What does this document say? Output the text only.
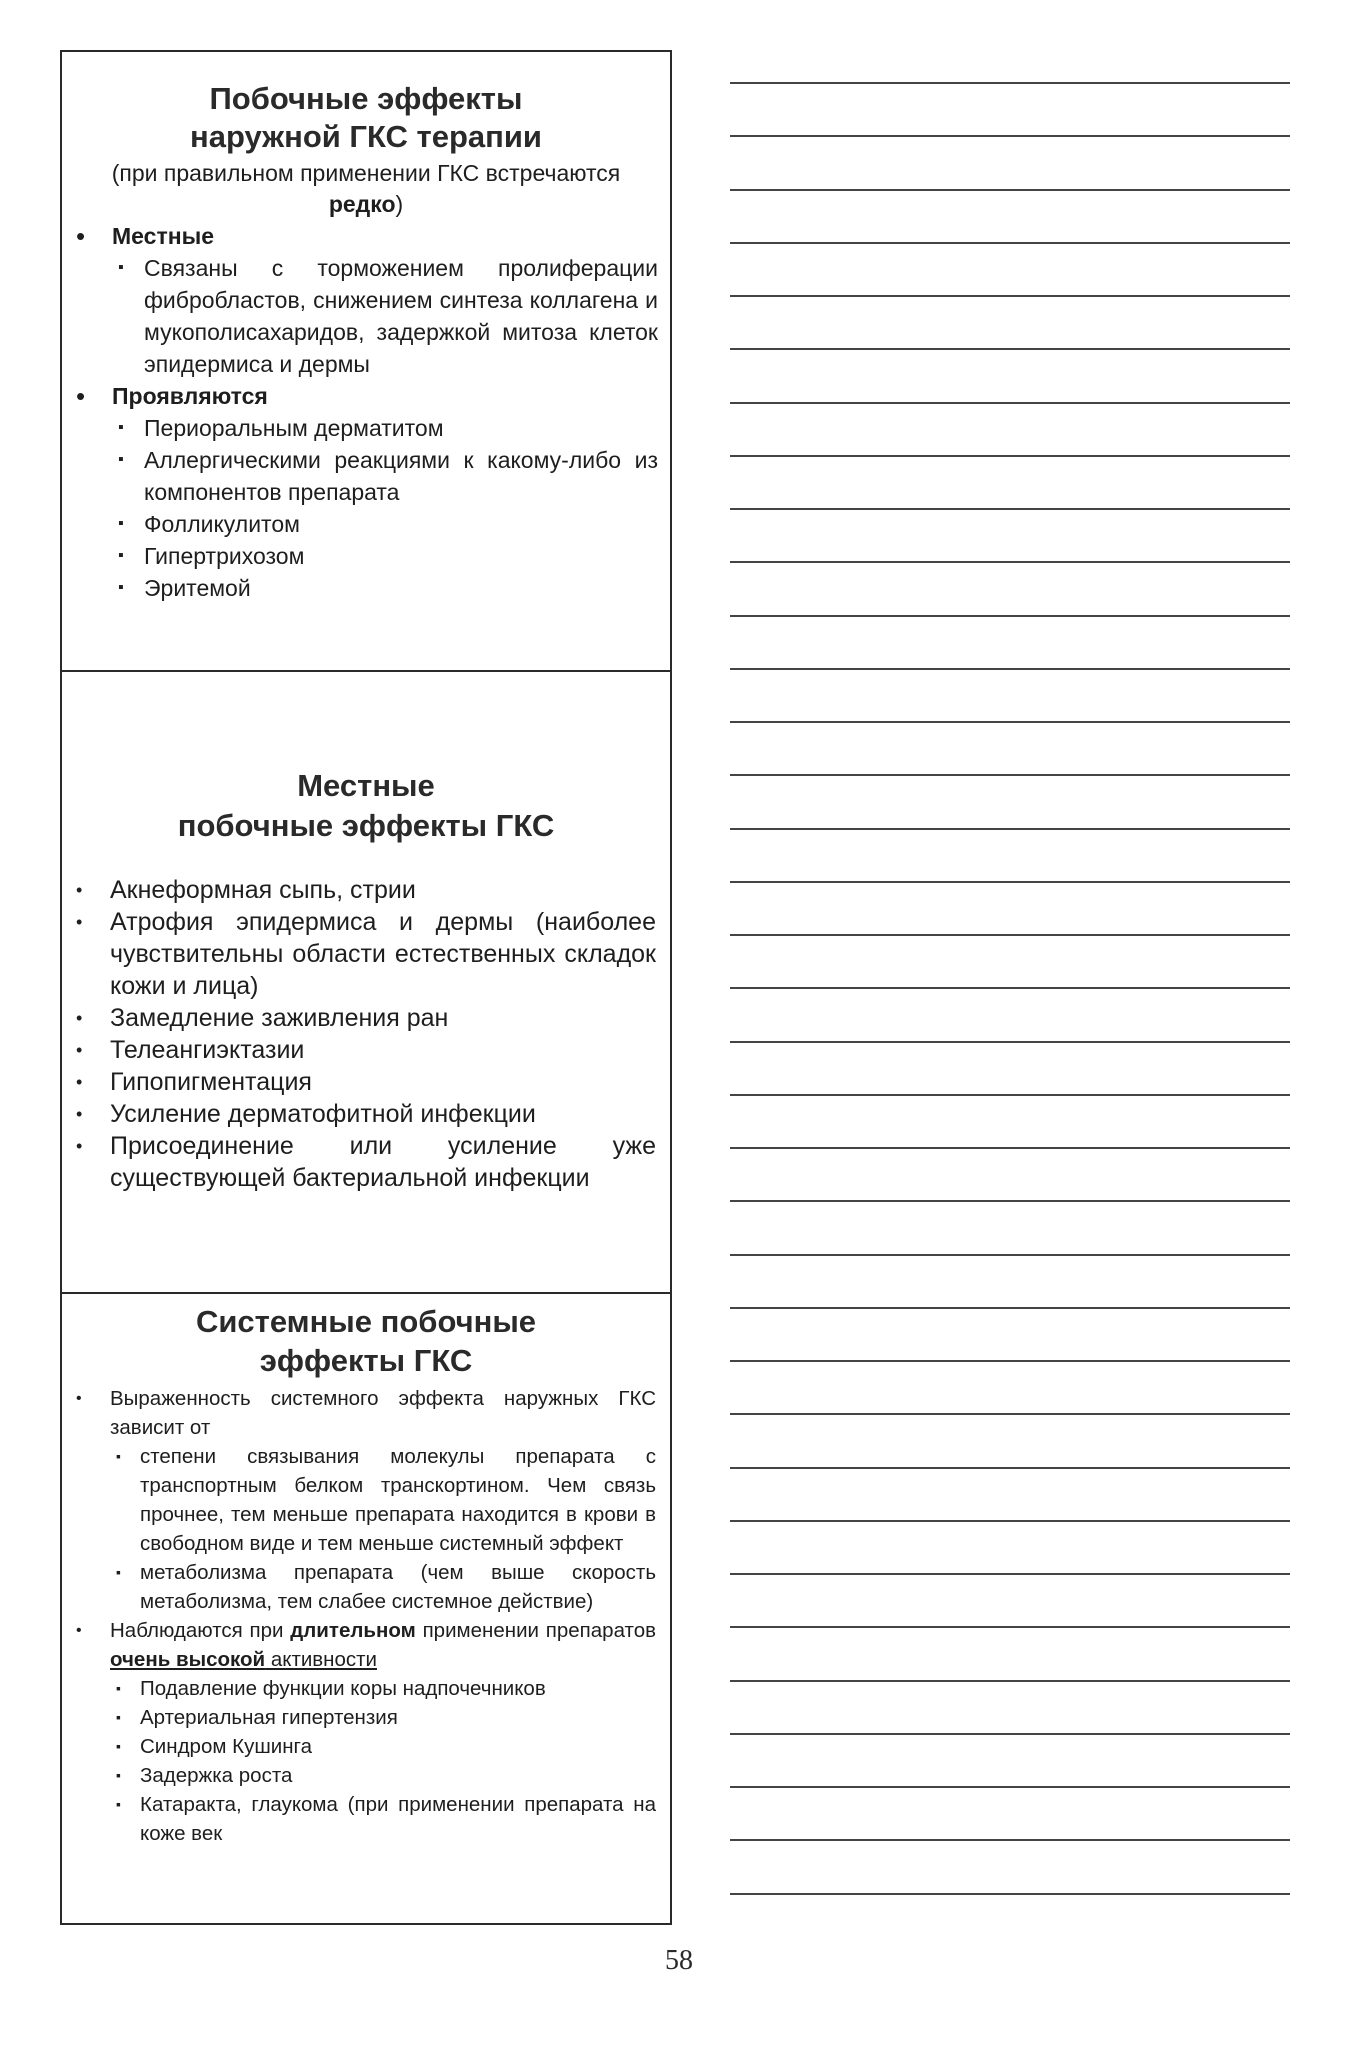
Побочные эффекты
наружной ГКС терапии
(при правильном применении ГКС встречаются редко)
• Местные
▪ Связаны с торможением пролиферации фибробластов, снижением синтеза коллагена и мукополисахаридов, задержкой митоза клеток эпидермиса и дермы
• Проявляются
▪ Периоральным дерматитом
▪ Аллергическими реакциями к какому-либо из компонентов препарата
▪ Фолликулитом
▪ Гипертрихозом
▪ Эритемой
Местные
побочные эффекты ГКС
• Акнеформная сыпь, стрии
• Атрофия эпидермиса и дермы (наиболее чувствительны области естественных складок кожи и лица)
• Замедление заживления ран
• Телеангиэктазии
• Гипопигментация
• Усиление дерматофитной инфекции
• Присоединение или усиление уже существующей бактериальной инфекции
Системные побочные
эффекты ГКС
• Выраженность системного эффекта наружных ГКС зависит от
▪ степени связывания молекулы препарата с транспортным белком транскортином. Чем связь прочнее, тем меньше препарата находится в крови в свободном виде и тем меньше системный эффект
▪ метаболизма препарата (чем выше скорость метаболизма, тем слабее системное действие)
• Наблюдаются при длительном применении препаратов очень высокой активности
▪ Подавление функции коры надпочечников
▪ Артериальная гипертензия
▪ Синдром Кушинга
▪ Задержка роста
▪ Катаракта, глаукома (при применении препарата на коже век
58
